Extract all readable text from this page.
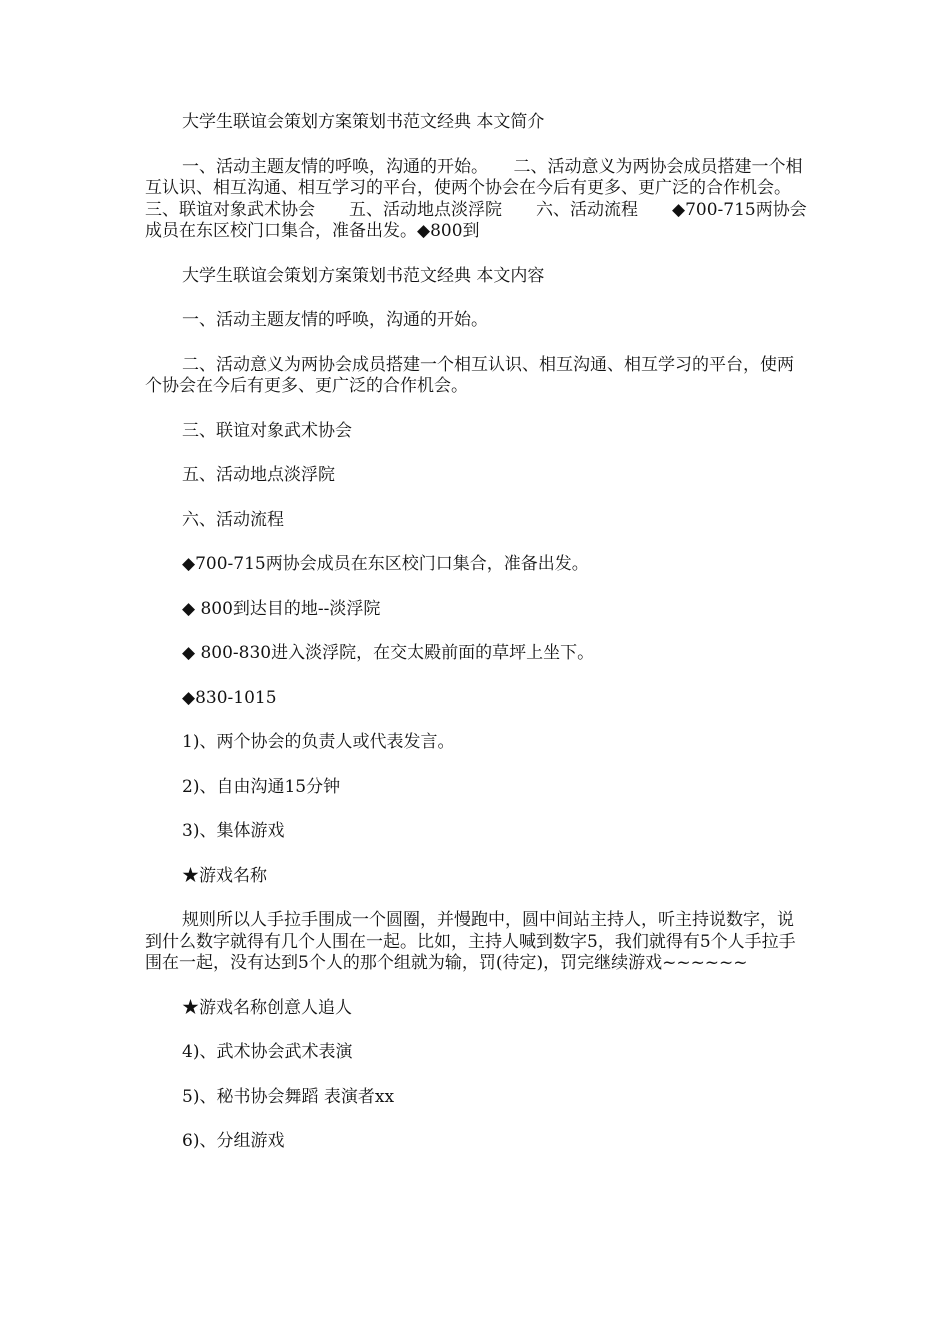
大学生联谊会策划方案策划书范文经典 本文简介

一、活动主题友情的呼唤，沟通的开始。　　二、活动意义为两协会成员搭建一个相互认识、相互沟通、相互学习的平台，使两个协会在今后有更多、更广泛的合作机会。　　三、联谊对象武术协会　　五、活动地点淡浮院　　六、活动流程　　◆700-715两协会成员在东区校门口集合，准备出发。◆800到

大学生联谊会策划方案策划书范文经典 本文内容

一、活动主题友情的呼唤，沟通的开始。

二、活动意义为两协会成员搭建一个相互认识、相互沟通、相互学习的平台，使两个协会在今后有更多、更广泛的合作机会。

三、联谊对象武术协会

五、活动地点淡浮院

六、活动流程

◆700-715两协会成员在东区校门口集合，准备出发。

◆ 800到达目的地--淡浮院

◆ 800-830进入淡浮院，在交太殿前面的草坪上坐下。

◆830-1015

1)、两个协会的负责人或代表发言。

2)、自由沟通15分钟

3)、集体游戏

★游戏名称

规则所以人手拉手围成一个圆圈，并慢跑中，圆中间站主持人，听主持说数字，说到什么数字就得有几个人围在一起。比如，主持人喊到数字5，我们就得有5个人手拉手围在一起，没有达到5个人的那个组就为输，罚(待定)，罚完继续游戏~~~~~~

★游戏名称创意人追人

4)、武术协会武术表演

5)、秘书协会舞蹈 表演者xx

6)、分组游戏
